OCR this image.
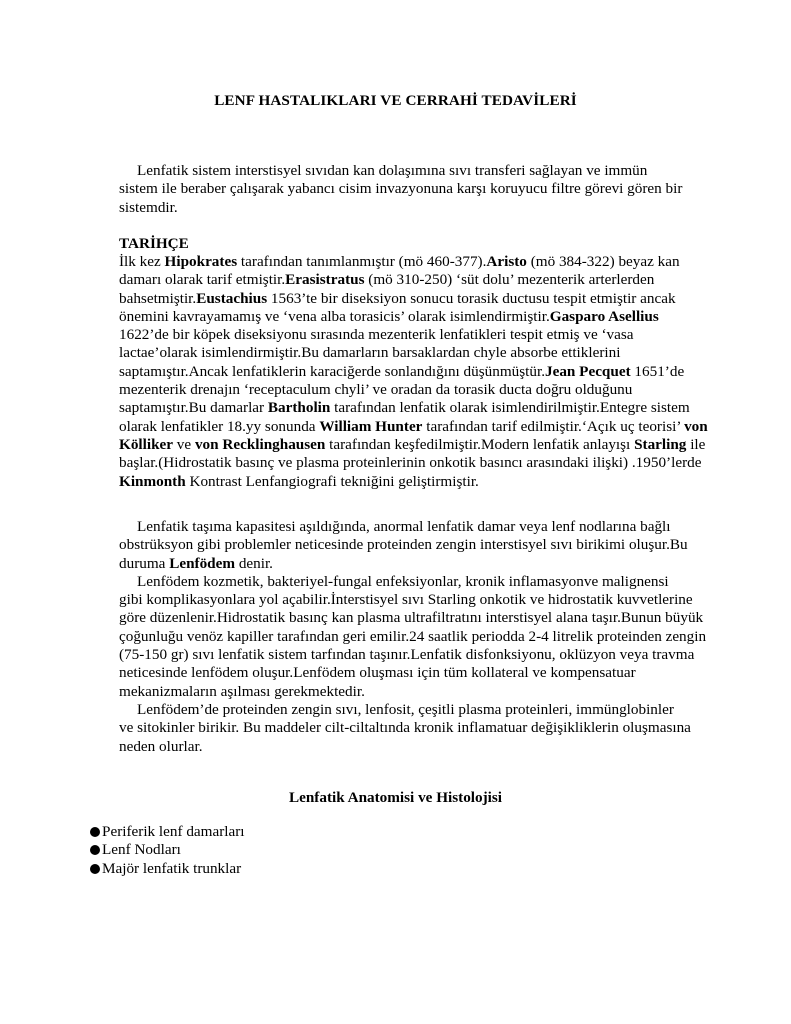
LENF HASTALIKLARI VE CERRAHİ TEDAVİLERİ
Lenfatik sistem interstisyel sıvıdan kan dolaşımına sıvı transferi sağlayan ve immün
sistem ile beraber çalışarak yabancı cisim invazyonuna karşı koruyucu filtre görevi gören bir
sistemdir.
TARİHÇE
İlk kez Hipokrates tarafından tanımlanmıştır (mö 460-377).Aristo (mö 384-322) beyaz kan
damarı olarak tarif etmiştir.Erasistratus (mö 310-250) ‘süt dolu’ mezenterik arterlerden
bahsetmiştir.Eustachius 1563’te bir diseksiyon sonucu torasik ductusu tespit etmiştir ancak
önemini kavrayamamış ve ‘vena alba torasicis’ olarak isimlendirmiştir.Gasparo Asellius
1622’de bir köpek diseksiyonu sırasında mezenterik lenfatikleri tespit etmiş ve ‘vasa
lactae’olarak isimlendirmiştir.Bu damarların barsaklardan chyle absorbe ettiklerini
saptamıştır.Ancak lenfatiklerin karaciğerde sonlandığını düşünmüştür.Jean Pecquet 1651’de
mezenterik drenajın ‘receptaculum chyli’ ve oradan da torasik ducta doğru olduğunu
saptamıştır.Bu damarlar Bartholin tarafından lenfatik olarak isimlendirilmiştir.Entegre sistem
olarak lenfatikler 18.yy sonunda William Hunter tarafından tarif edilmiştir.‘Açık uç teorisi’ von
Kölliker ve von Recklinghausen tarafından keşfedilmiştir.Modern lenfatik anlayışı Starling ile
başlar.(Hidrostatik basınç ve plasma proteinlerinin onkotik basıncı arasındaki ilişki) .1950’lerde
Kinmonth Kontrast Lenfangiografi tekniğini geliştirmiştir.
Lenfatik taşıma kapasitesi aşıldığında, anormal lenfatik damar veya lenf nodlarına bağlı
obstrüksyon gibi problemler neticesinde proteinden zengin interstisyel sıvı birikimi oluşur.Bu
duruma Lenfödem denir.
Lenfödem kozmetik, bakteriyel-fungal enfeksiyonlar, kronik inflamasyonve malignensi
gibi komplikasyonlara yol açabilir.İnterstisyel sıvı Starling onkotik ve hidrostatik kuvvetlerine
göre düzenlenir.Hidrostatik basınç kan plasma ultrafiltratını interstisyel alana taşır.Bunun büyük
çoğunluğu venöz kapiller tarafından geri emilir.24 saatlik periodda 2-4 litrelik proteinden zengin
(75-150 gr) sıvı lenfatik sistem tarfından taşınır.Lenfatik disfonksiyonu, oklüzyon veya travma
neticesinde lenfödem oluşur.Lenfödem oluşması için tüm kollateral ve kompensatuar
mekanizmaların aşılması gerekmektedir.
Lenfödem’de proteinden zengin sıvı, lenfosit, çeşitli plasma proteinleri, immünglobinler
ve sitokinler birikir. Bu maddeler cilt-ciltaltında kronik inflamatuar değişikliklerin oluşmasına
neden olurlar.
Lenfatik Anatomisi ve Histolojisi
Periferik lenf damarları
Lenf Nodları
Majör lenfatik trunklar
